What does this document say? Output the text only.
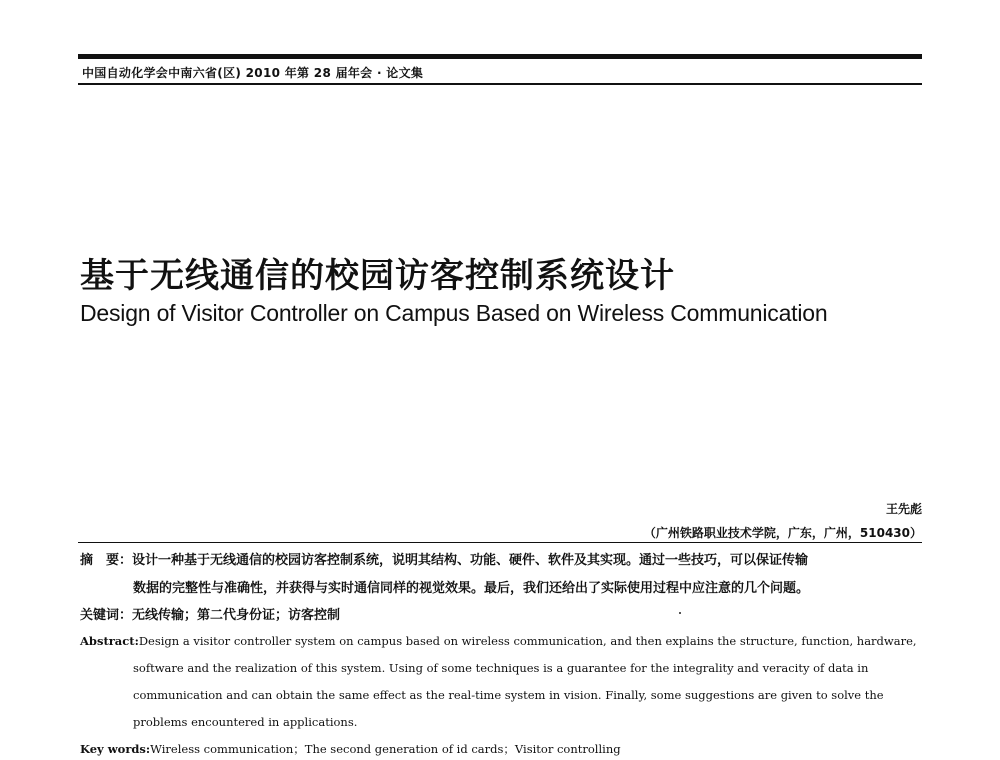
中国自动化学会中南六省(区) 2010 年第 28 届年会 · 论文集
基于无线通信的校园访客控制系统设计
Design of Visitor Controller on Campus Based on Wireless Communication
王先彪
（广州铁路职业技术学院，广东，广州，510430）
摘　要：设计一种基于无线通信的校园访客控制系统，说明其结构、功能、硬件、软件及其实现。通过一些技巧，可以保证传输
数据的完整性与准确性，并获得与实时通信同样的视觉效果。最后，我们还给出了实际使用过程中应注意的几个问题。
关键词：无线传输；第二代身份证；访客控制
Abstract:Design a visitor controller system on campus based on wireless communication, and then explains the structure, function, hardware,
software and the realization of this system. Using of some techniques is a guarantee for the integrality and veracity of data in
communication and can obtain the same effect as the real-time system in vision. Finally, some suggestions are given to solve the
problems encountered in applications.
Key words:Wireless communication；The second generation of id cards；Visitor controlling
